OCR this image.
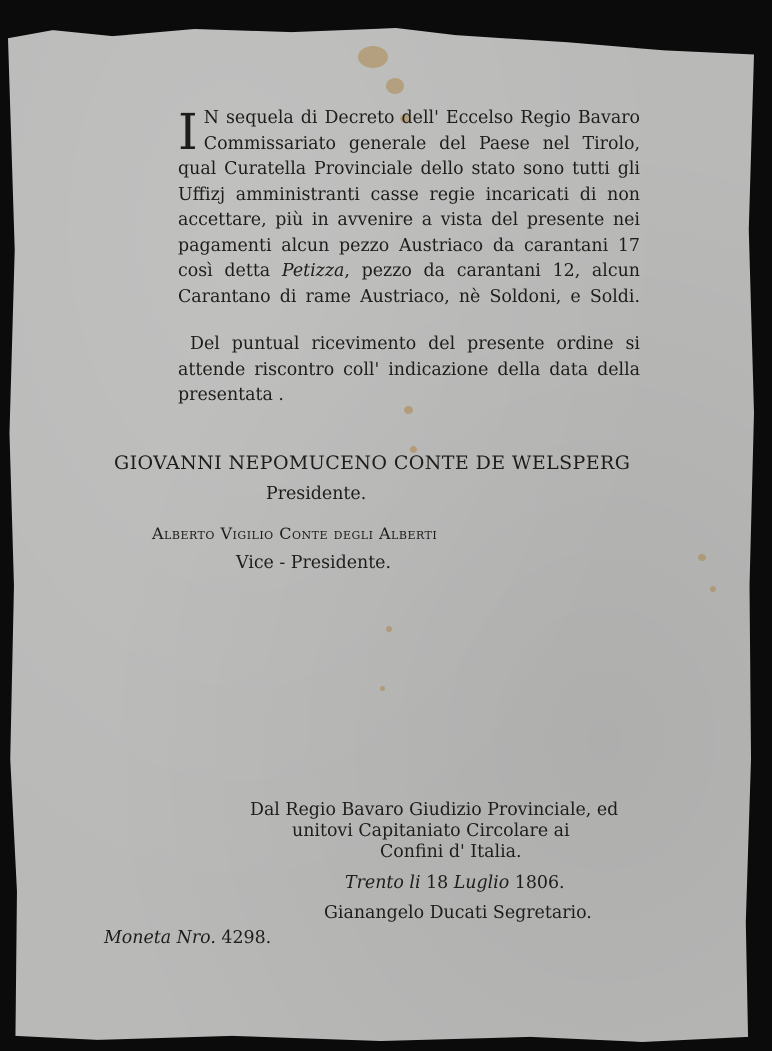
I N sequela di Decreto dell' Eccelso Regio Bavaro Commissariato generale del Paese nel Tirolo, qual Curatella Provinciale dello stato sono tutti gli Uffizj amministranti casse regie incaricati di non accettare, più in avvenire a vista del presente nei pagamenti alcun pezzo Austriaco da carantani 17 così detta Petizza, pezzo da carantani 12, alcun Carantano di rame Austriaco, nè Soldoni, e Soldi.
Del puntual ricevimento del presente ordine si attende riscontro coll' indicazione della data della presentata .
GIOVANNI NEPOMUCENO CONTE DE WELSPERG
Presidente.
Alberto Vigilio Conte degli Alberti
Vice - Presidente.
Dal Regio Bavaro Giudizio Provinciale, ed
unitovi Capitaniato Circolare ai
Confini d' Italia.
Trento li 18 Luglio 1806.
Gianangelo Ducati Segretario.
Moneta Nro. 4298.
